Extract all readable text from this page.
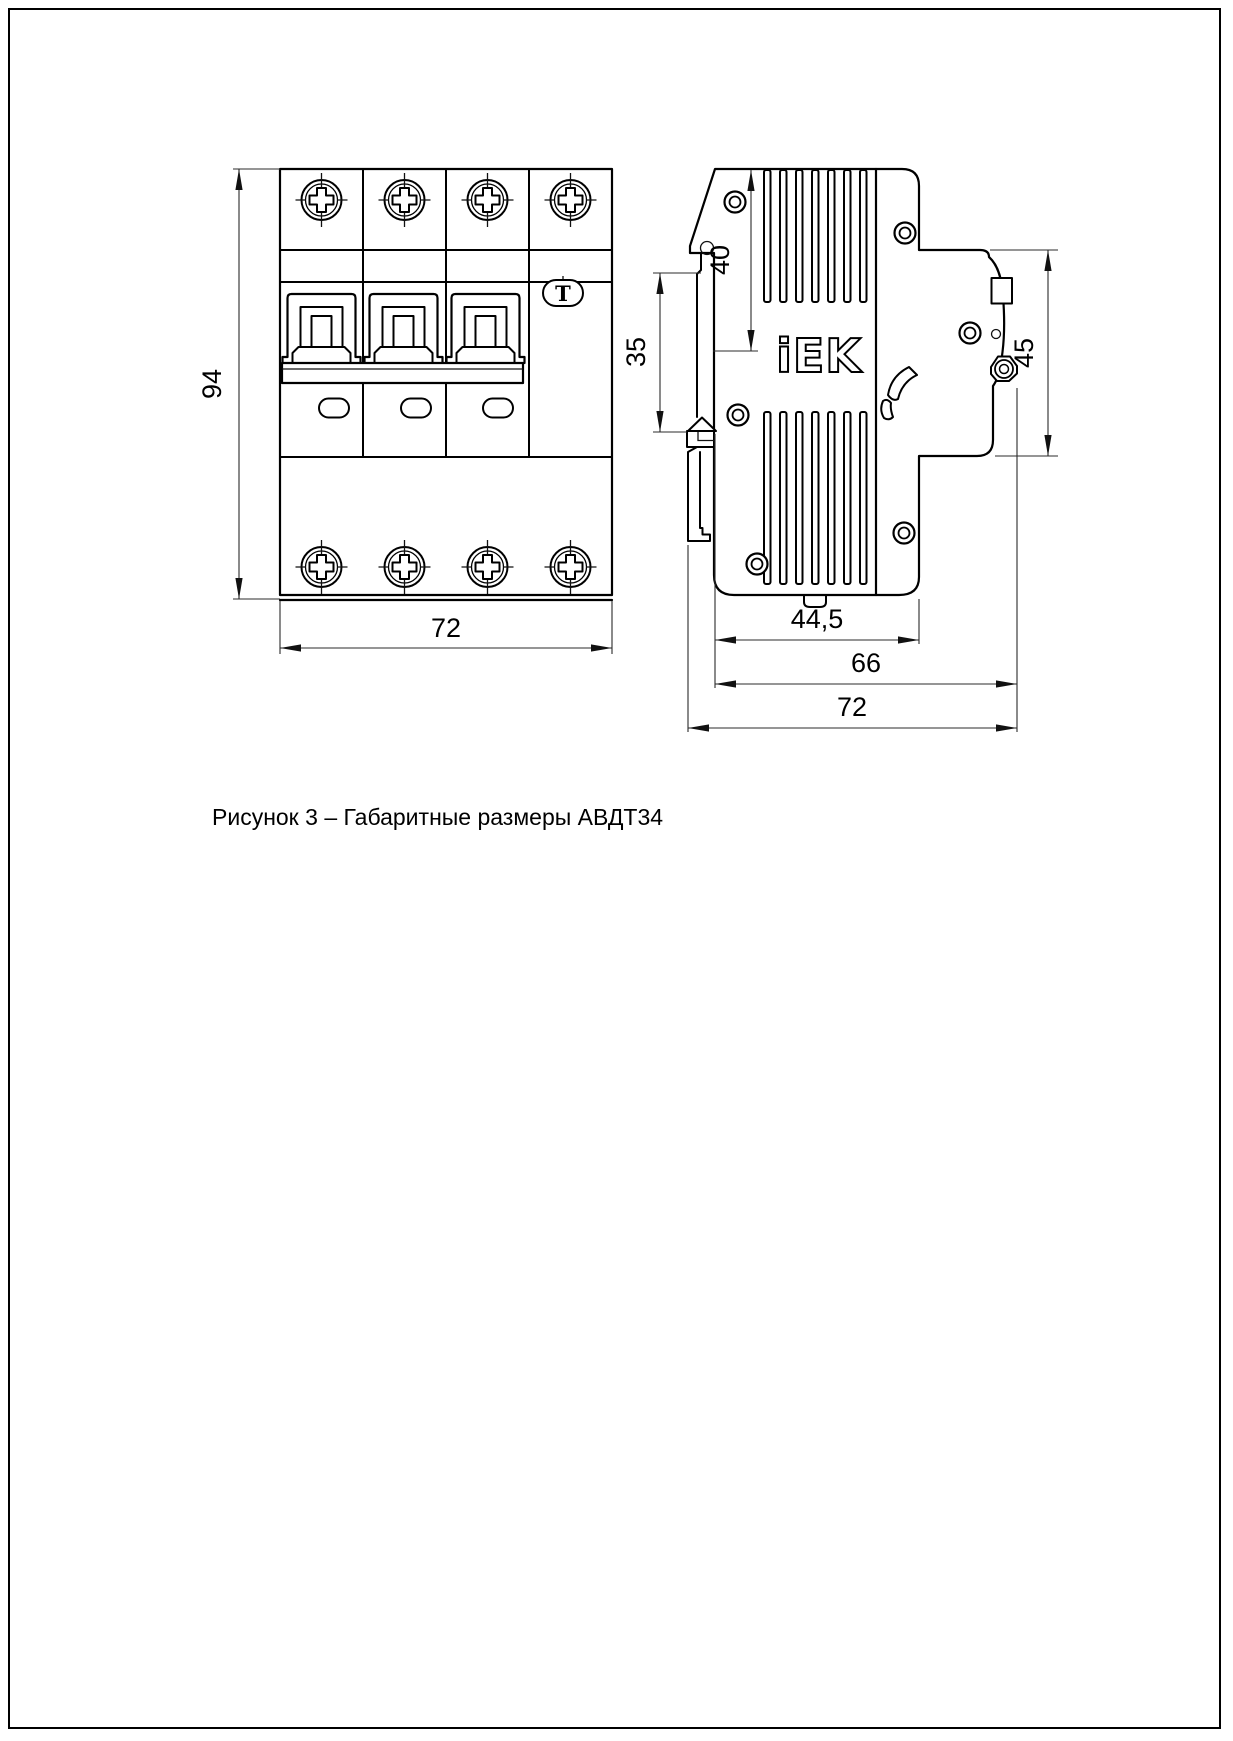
T
94
72
iEK
40
35	45
44,5
66
72
Рисунок 3 – Габаритные размеры АВДТ34
